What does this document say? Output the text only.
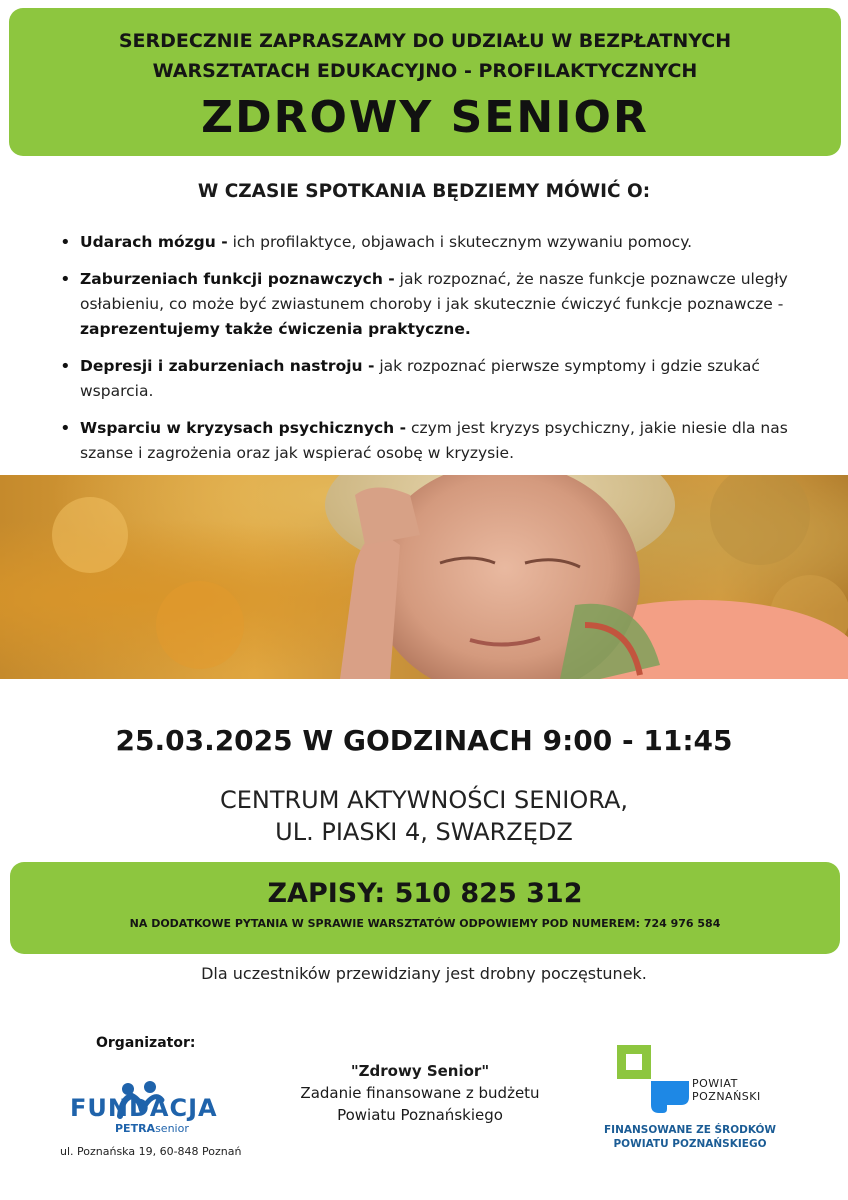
SERDECZNIE ZAPRASZAMY DO UDZIAŁU W BEZPŁATNYCH
WARSZTATACH EDUKACYJNO - PROFILAKTYCZNYCH
ZDROWY SENIOR
W CZASIE SPOTKANIA BĘDZIEMY MÓWIĆ O:
• Udarach mózgu - ich profilaktyce, objawach i skutecznym wzywaniu pomocy.
• Zaburzeniach funkcji poznawczych - jak rozpoznać, że nasze funkcje poznawcze uległy osłabieniu, co może być zwiastunem choroby i jak skutecznie ćwiczyć funkcje poznawcze - zaprezentujemy także ćwiczenia praktyczne.
• Depresji i zaburzeniach nastroju - jak rozpoznać pierwsze symptomy i gdzie szukać wsparcia.
• Wsparciu w kryzysach psychicznych - czym jest kryzys psychiczny, jakie niesie dla nas szanse i zagrożenia oraz jak wspierać osobę w kryzysie.
25.03.2025 W GODZINACH 9:00 - 11:45
CENTRUM AKTYWNOŚCI SENIORA,
UL. PIASKI 4, SWARZĘDZ
ZAPISY: 510 825 312
NA DODATKOWE PYTANIA W SPRAWIE WARSZTATÓW ODPOWIEMY POD NUMEREM: 724 976 584
Dla uczestników przewidziany jest drobny poczęstunek.
Organizator:
FUNDACJA
PETRAsenior
ul. Poznańska 19, 60-848 Poznań
"Zdrowy Senior"
Zadanie finansowane z budżetu
Powiatu Poznańskiego
POWIAT
POZNAŃSKI
FINANSOWANE ZE ŚRODKÓW
POWIATU POZNAŃSKIEGO
